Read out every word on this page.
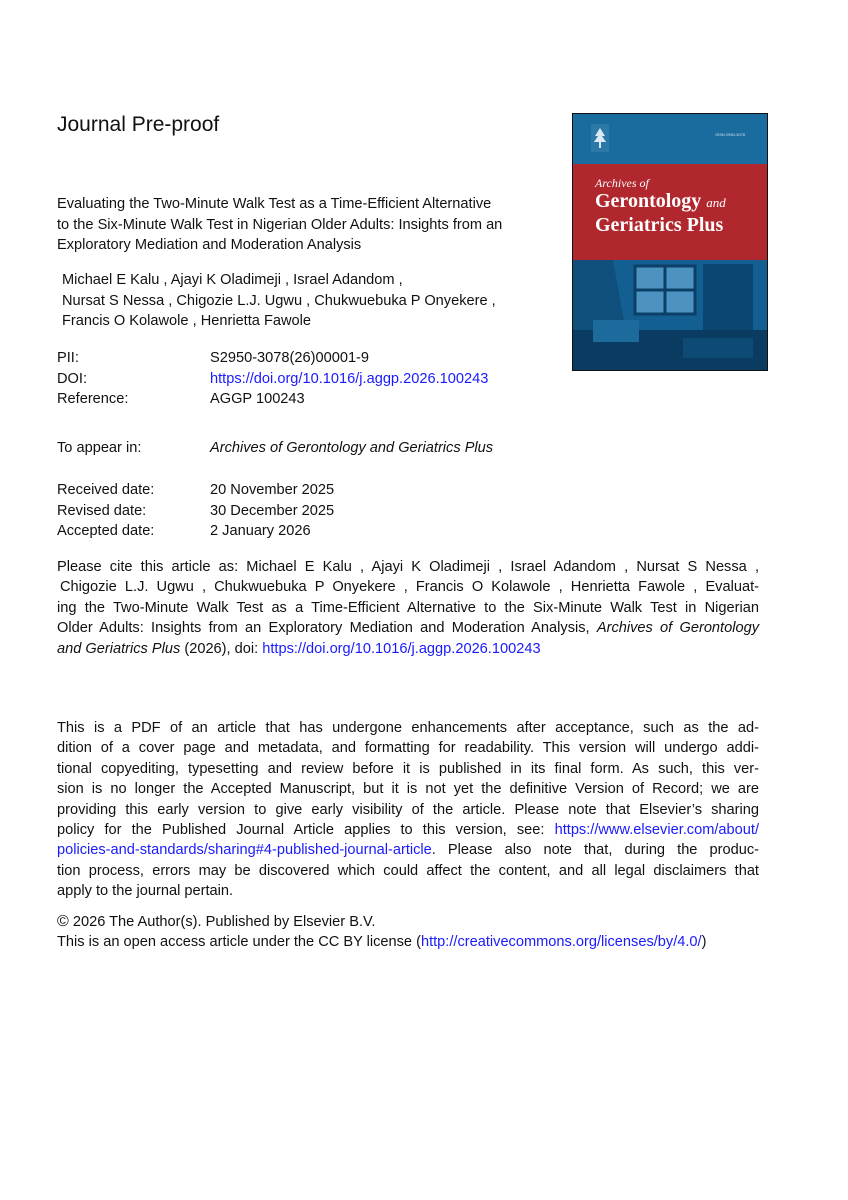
Journal Pre-proof
Evaluating the Two-Minute Walk Test as a Time-Efficient Alternative
to the Six-Minute Walk Test in Nigerian Older Adults: Insights from an
Exploratory Mediation and Moderation Analysis
Michael E Kalu , Ajayi K Oladimeji , Israel Adandom ,
Nursat S Nessa , Chigozie L.J. Ugwu , Chukwuebuka P Onyekere ,
Francis O Kolawole , Henrietta Fawole
PII:	S2950-3078(26)00001-9
DOI:	https://doi.org/10.1016/j.aggp.2026.100243
Reference:	AGGP 100243
To appear in:	Archives of Gerontology and Geriatrics Plus
Received date:	20 November 2025
Revised date:	30 December 2025
Accepted date:	2 January 2026
Please cite this article as: Michael E Kalu , Ajayi K Oladimeji , Israel Adandom , Nursat S Nessa ,
Chigozie L.J. Ugwu , Chukwuebuka P Onyekere , Francis O Kolawole , Henrietta Fawole , Evaluat-
ing the Two-Minute Walk Test as a Time-Efficient Alternative to the Six-Minute Walk Test in Nigerian
Older Adults: Insights from an Exploratory Mediation and Moderation Analysis, Archives of Gerontology
and Geriatrics Plus (2026), doi: https://doi.org/10.1016/j.aggp.2026.100243
This is a PDF of an article that has undergone enhancements after acceptance, such as the ad-
dition of a cover page and metadata, and formatting for readability. This version will undergo addi-
tional copyediting, typesetting and review before it is published in its final form. As such, this ver-
sion is no longer the Accepted Manuscript, but it is not yet the definitive Version of Record; we are
providing this early version to give early visibility of the article. Please note that Elsevier’s sharing
policy for the Published Journal Article applies to this version, see: https://www.elsevier.com/about/
policies-and-standards/sharing#4-published-journal-article. Please also note that, during the produc-
tion process, errors may be discovered which could affect the content, and all legal disclaimers that
apply to the journal pertain.
© 2026 The Author(s). Published by Elsevier B.V.
This is an open access article under the CC BY license (http://creativecommons.org/licenses/by/4.0/)
ISSN 2950-3078
Archives of
Gerontology and
Geriatrics Plus
